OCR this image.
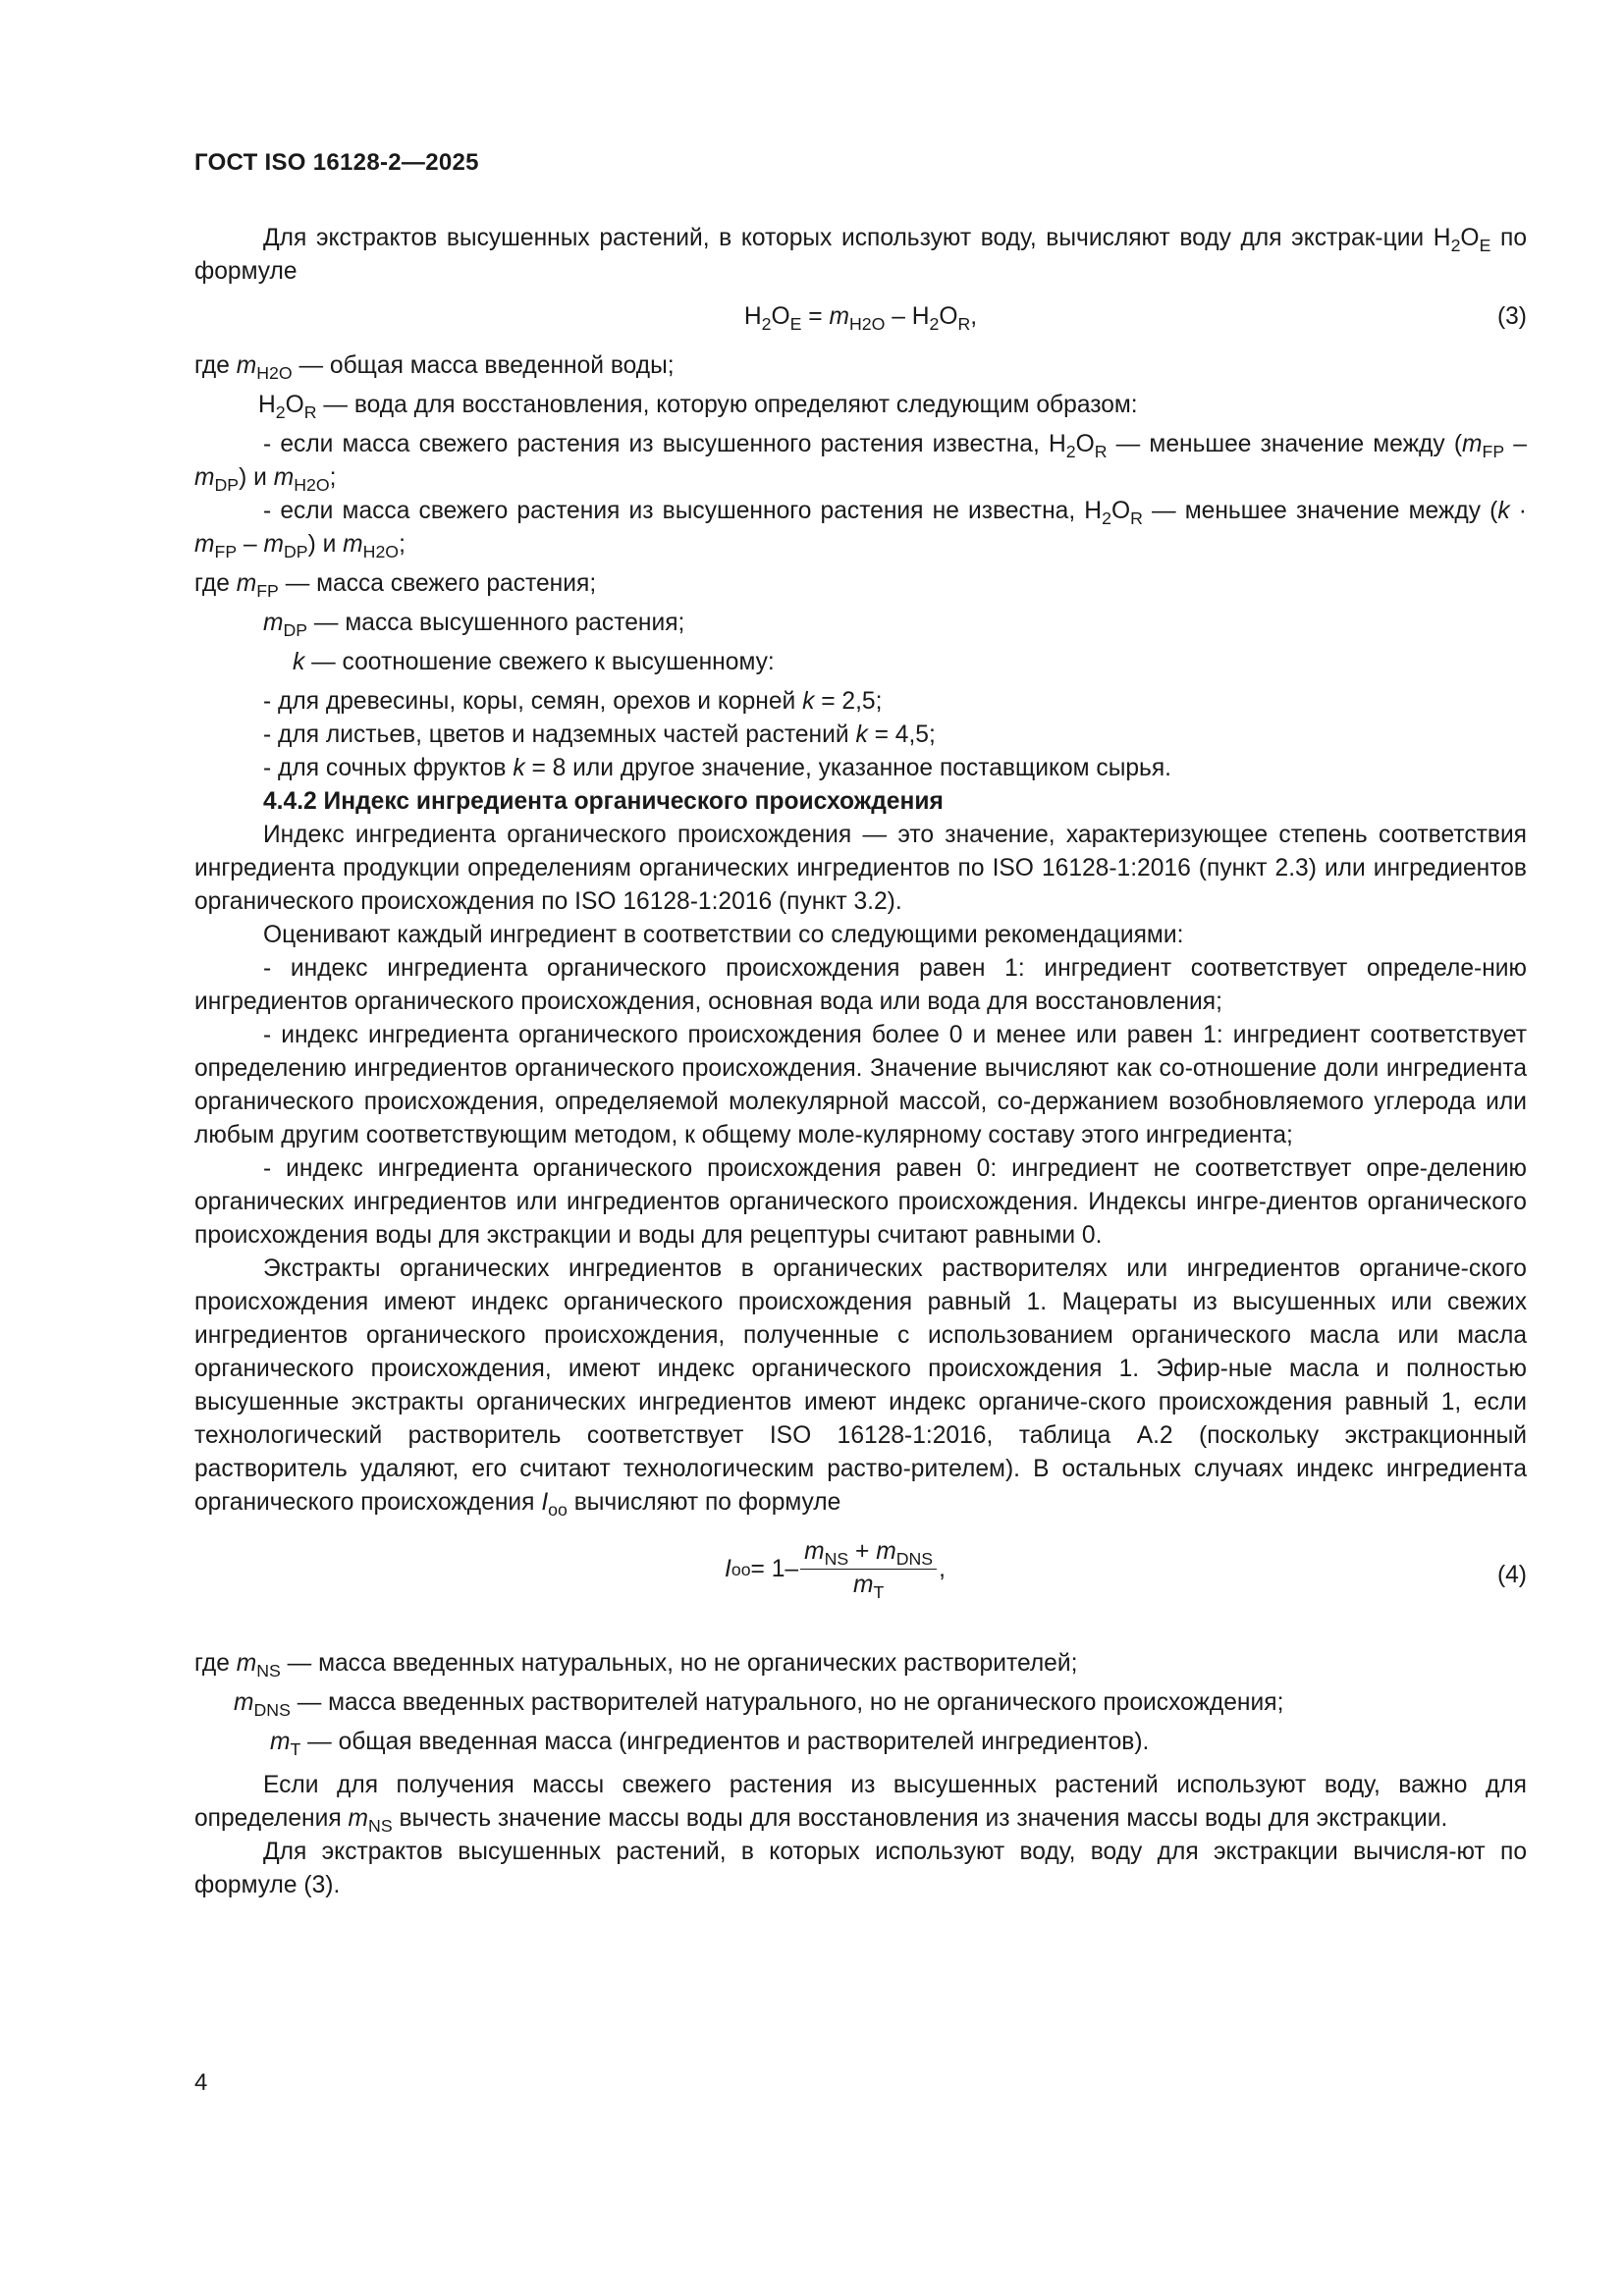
ГОСТ ISO 16128-2—2025

Для экстрактов высушенных растений, в которых используют воду, вычисляют воду для экстрак-ции $H_2O_E$ по формуле

$H_2O_E = m_{H2O} - H_2O_R$,	(3)

где $m_{H2O}$ — общая масса введенной воды;

$H_2O_R$ — вода для восстановления, которую определяют следующим образом:

- если масса свежего растения из высушенного растения известна, $H_2O_R$ — меньшее значение между $(m_{FP} - m_{DP})$ и $m_{H2O}$;

- если масса свежего растения из высушенного растения не известна, $H_2O_R$ — меньшее значение между $(k \cdot m_{FP} - m_{DP})$ и $m_{H2O}$;

где $m_{FP}$ — масса свежего растения;

$m_{DP}$ — масса высушенного растения;

k — соотношение свежего к высушенному:

- для древесины, коры, семян, орехов и корней k = 2,5;

- для листьев, цветов и надземных частей растений k = 4,5;

- для сочных фруктов k = 8 или другое значение, указанное поставщиком сырья.

4.4.2 Индекс ингредиента органического происхождения

Индекс ингредиента органического происхождения — это значение, характеризующее степень соответствия ингредиента продукции определениям органических ингредиентов по ISO 16128-1:2016 (пункт 2.3) или ингредиентов органического происхождения по ISO 16128-1:2016 (пункт 3.2).

Оценивают каждый ингредиент в соответствии со следующими рекомендациями:

- индекс ингредиента органического происхождения равен 1: ингредиент соответствует определе-нию ингредиентов органического происхождения, основная вода или вода для восстановления;

- индекс ингредиента органического происхождения более 0 и менее или равен 1: ингредиент соответствует определению ингредиентов органического происхождения. Значение вычисляют как со-отношение доли ингредиента органического происхождения, определяемой молекулярной массой, со-держанием возобновляемого углерода или любым другим соответствующим методом, к общему моле-кулярному составу этого ингредиента;

- индекс ингредиента органического происхождения равен 0: ингредиент не соответствует опре-делению органических ингредиентов или ингредиентов органического происхождения. Индексы ингре-диентов органического происхождения воды для экстракции и воды для рецептуры считают равными 0.

Экстракты органических ингредиентов в органических растворителях или ингредиентов органиче-ского происхождения имеют индекс органического происхождения равный 1. Мацераты из высушенных или свежих ингредиентов органического происхождения, полученные с использованием органического масла или масла органического происхождения, имеют индекс органического происхождения 1. Эфир-ные масла и полностью высушенные экстракты органических ингредиентов имеют индекс органиче-ского происхождения равный 1, если технологический растворитель соответствует ISO 16128-1:2016, таблица А.2 (поскольку экстракционный растворитель удаляют, его считают технологическим раство-рителем). В остальных случаях индекс ингредиента органического происхождения $I_{oo}$ вычисляют по формуле

I oo = $1- \frac{m_{NS} + m_{DNS}}{m_T}$ ,	(4)

где $m_{NS}$ — масса введенных натуральных, но не органических растворителей;

$m_{DNS}$ — масса введенных растворителей натурального, но не органического происхождения;

$m_T$ — общая введенная масса (ингредиентов и растворителей ингредиентов).

Если для получения массы свежего растения из высушенных растений используют воду, важно для определения $m_{NS}$ вычесть значение массы воды для восстановления из значения массы воды для экстракции.

Для экстрактов высушенных растений, в которых используют воду, воду для экстракции вычисля-ют по формуле (3).

4
